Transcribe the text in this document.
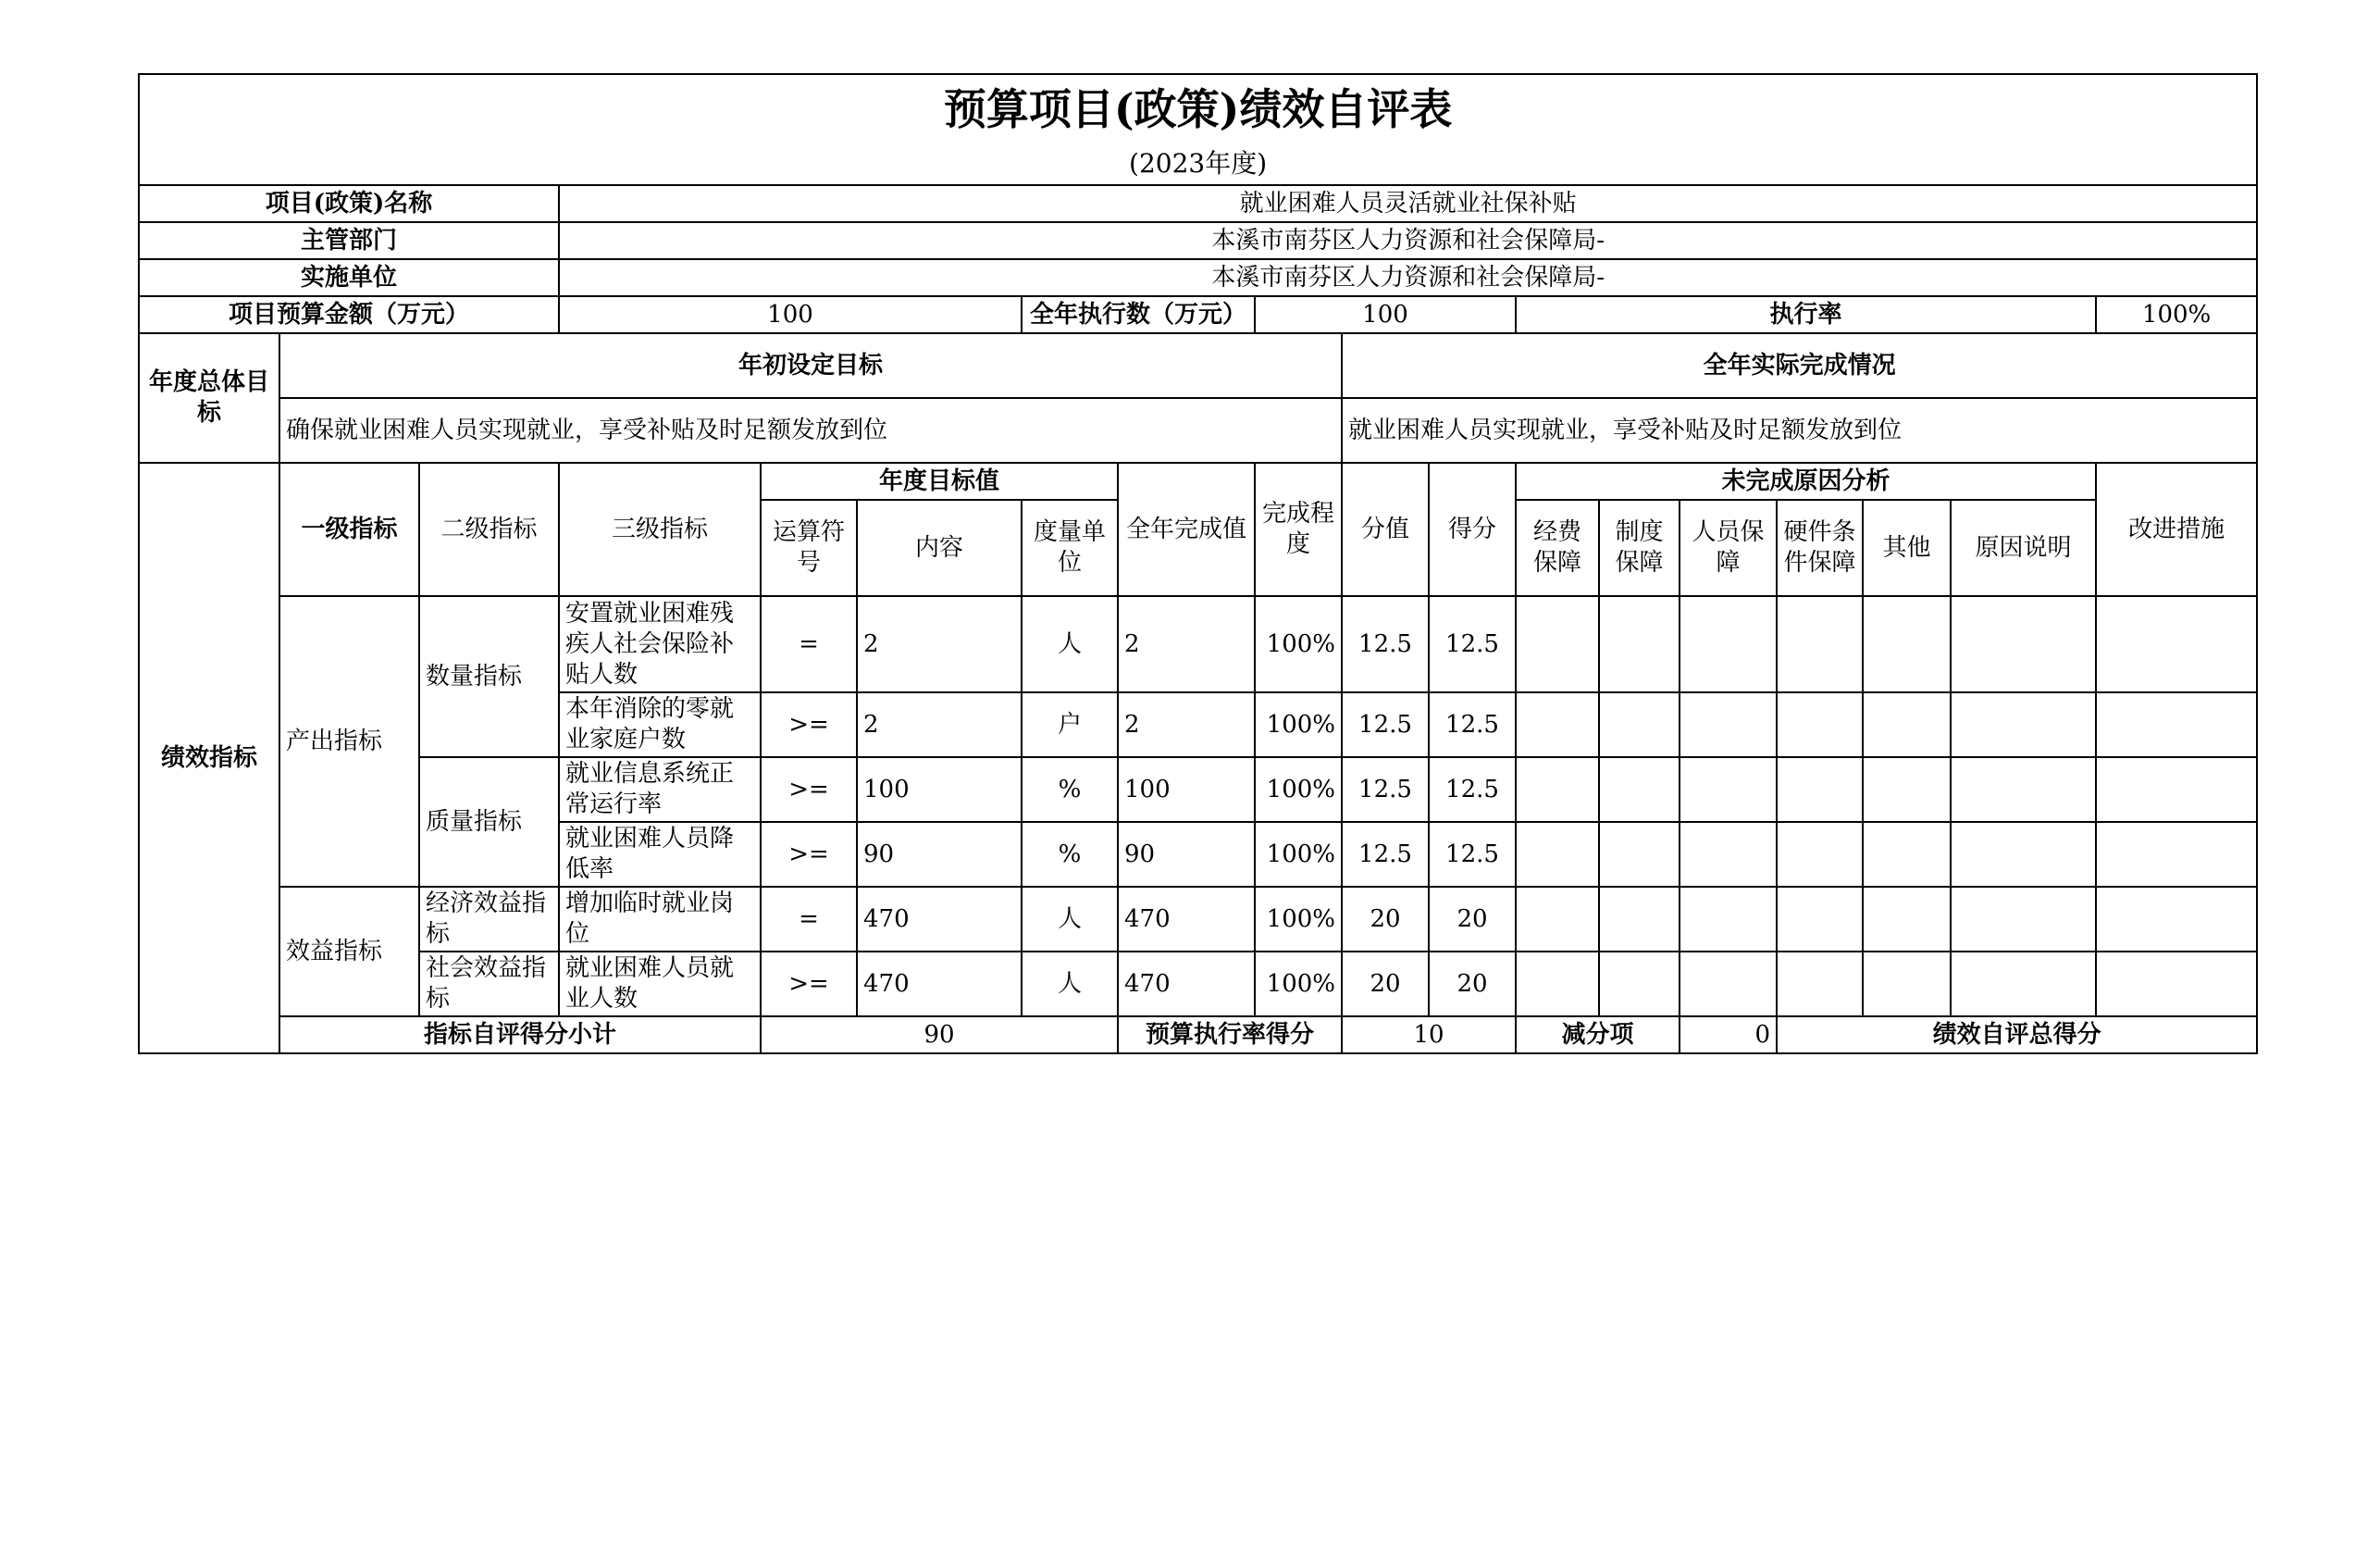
预算项目(政策)绩效自评表																		
(2023年度)																		
项目(政策)名称			就业困难人员灵活就业社保补贴															
主管部门			本溪市南芬区人力资源和社会保障局-															
实施单位			本溪市南芬区人力资源和社会保障局-															
项目预算金额（万元）			100			全年执行数（万元）		100			执行率						100%	
年度总体目标	年初设定目标								全年实际完成情况									
	确保就业困难人员实现就业，享受补贴及时足额发放到位								就业困难人员实现就业，享受补贴及时足额发放到位									
绩效指标	一级指标	二级指标	三级指标	年度目标值			全年完成值	完成程度	分值	得分	未完成原因分析						改进措施	
				运算符号	内容	度量单位					经费保障	制度保障	人员保障	硬件条件保障	其他	原因说明		
	产出指标	数量指标	安置就业困难残疾人社会保险补贴人数	=	2	人	2	100%	12.5	12.5								
			本年消除的零就业家庭户数	>=	2	户	2	100%	12.5	12.5								
		质量指标	就业信息系统正常运行率	>=	100	%	100	100%	12.5	12.5								
			就业困难人员降低率	>=	90	%	90	100%	12.5	12.5								
	效益指标	经济效益指标	增加临时就业岗位	=	470	人	470	100%	20	20								
		社会效益指标	就业困难人员就业人数	>=	470	人	470	100%	20	20								
	指标自评得分小计			90			预算执行率得分		10		减分项		0	绩效自评总得分	
